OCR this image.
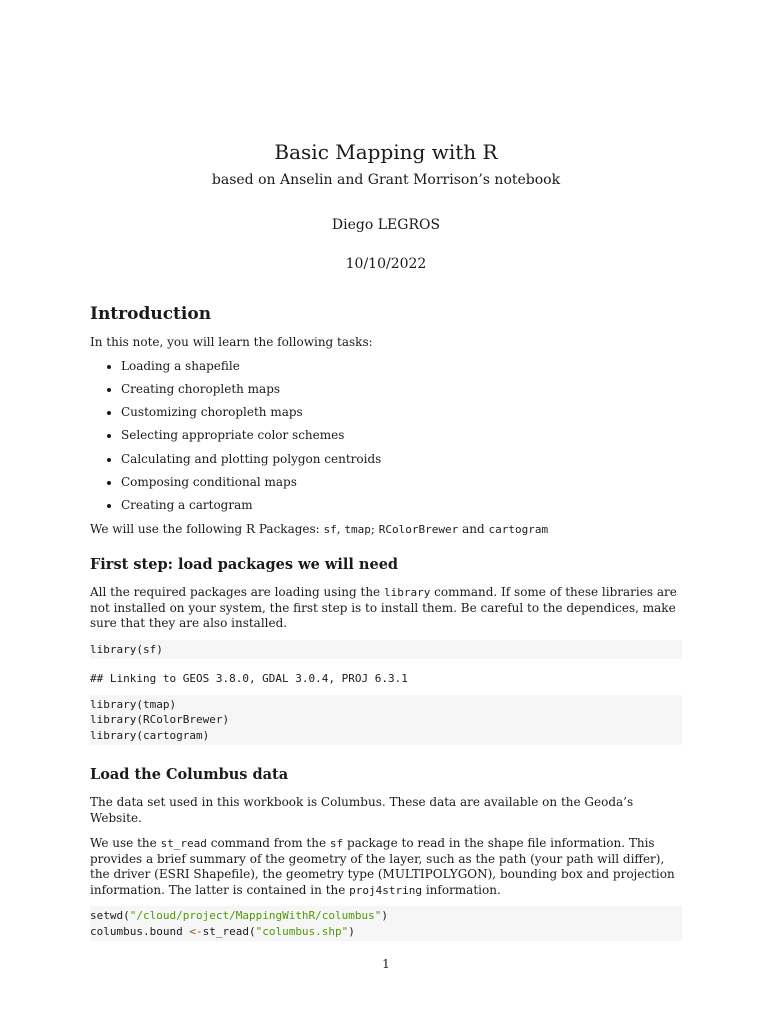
Basic Mapping with R
based on Anselin and Grant Morrison’s notebook
Diego LEGROS
10/10/2022
Introduction

In this note, you will learn the following tasks:

• Loading a shapefile
• Creating choropleth maps
• Customizing choropleth maps
• Selecting appropriate color schemes
• Calculating and plotting polygon centroids
• Composing conditional maps
• Creating a cartogram

We will use the following R Packages: sf, tmap; RColorBrewer and cartogram

First step: load packages we will need

All the required packages are loading using the library command. If some of these libraries are not installed on your system, the first step is to install them. Be careful to the dependices, make sure that they are also installed.

library(sf)
## Linking to GEOS 3.8.0, GDAL 3.0.4, PROJ 6.3.1
library(tmap)
library(RColorBrewer)
library(cartogram)
Load the Columbus data

The data set used in this workbook is Columbus. These data are available on the Geoda’s Website.

We use the st_read command from the sf package to read in the shape file information. This provides a brief summary of the geometry of the layer, such as the path (your path will differ), the driver (ESRI Shapefile), the geometry type (MULTIPOLYGON), bounding box and projection information. The latter is contained in the proj4string information.

setwd("/cloud/project/MappingWithR/columbus")
columbus.bound <-st_read("columbus.shp")
1
